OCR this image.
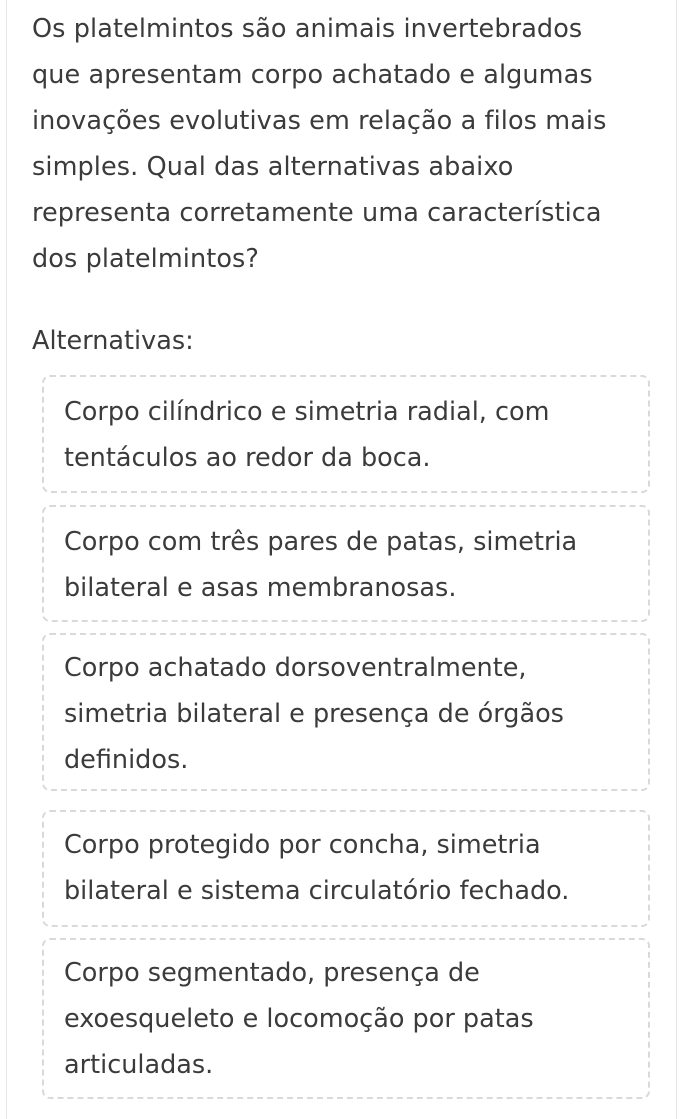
Os platelmintos são animais invertebrados
que apresentam corpo achatado e algumas
inovações evolutivas em relação a filos mais
simples. Qual das alternativas abaixo
representa corretamente uma característica
dos platelmintos?
Alternativas:
Corpo cilíndrico e simetria radial, com
tentáculos ao redor da boca.
Corpo com três pares de patas, simetria
bilateral e asas membranosas.
Corpo achatado dorsoventralmente,
simetria bilateral e presença de órgãos
definidos.
Corpo protegido por concha, simetria
bilateral e sistema circulatório fechado.
Corpo segmentado, presença de
exoesqueleto e locomoção por patas
articuladas.
